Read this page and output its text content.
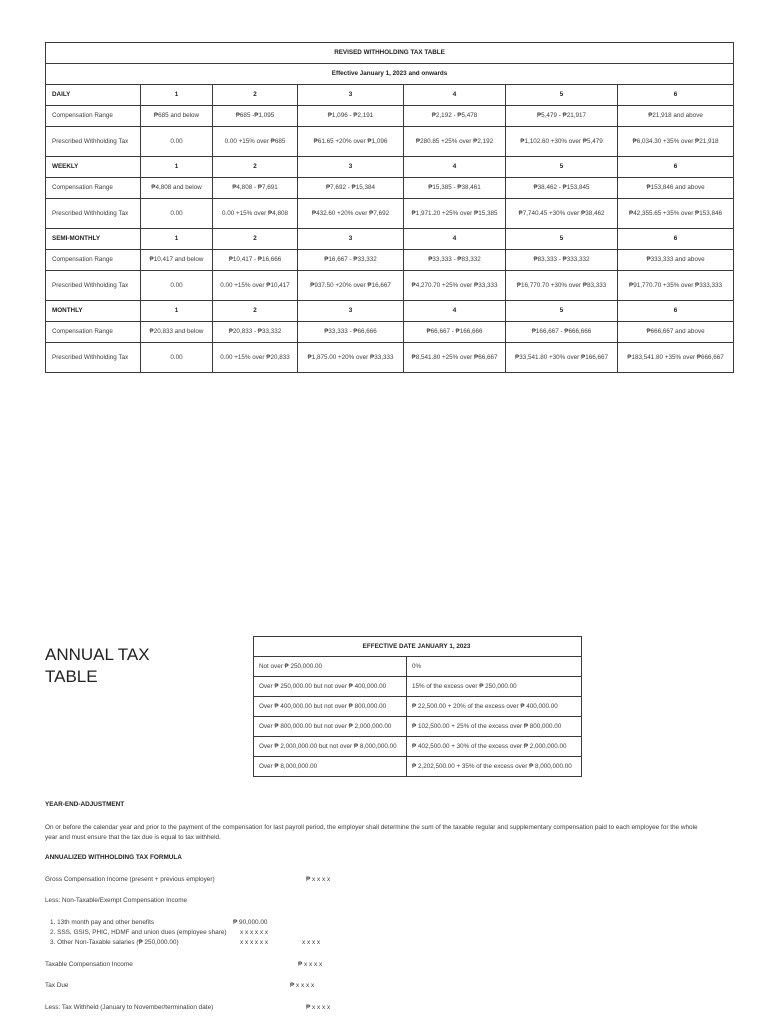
REVISED WITHHOLDING TAX TABLE						
Effective January 1, 2023 and onwards						
DAILY	1	2	3	4	5	6
Compensation Range	₱685 and below	₱685 -₱1,095	₱1,096 - ₱2,191	₱2,192 - ₱5,478	₱5,479 - ₱21,917	₱21,918 and above
Prescribed Withholding Tax	0.00	0.00 +15% over ₱685	₱61.65 +20% over ₱1,096	₱280.85 +25% over ₱2,192	₱1,102.60 +30% over ₱5,479	₱6,034.30 +35% over ₱21,918
WEEKLY	1	2	3	4	5	6
Compensation Range	₱4,808 and below	₱4,808 - ₱7,691	₱7,692 - ₱15,384	₱15,385 - ₱38,461	₱38,462 - ₱153,845	₱153,846 and above
Prescribed Withholding Tax	0.00	0.00 +15% over ₱4,808	₱432.60 +20% over ₱7,692	₱1,971.20 +25% over ₱15,385	₱7,740.45 +30% over ₱38,462	₱42,355.65 +35% over ₱153,846
SEMI-MONTHLY	1	2	3	4	5	6
Compensation Range	₱10,417 and below	₱10,417 - ₱16,666	₱16,667 - ₱33,332	₱33,333 - ₱83,332	₱83,333 - ₱333,332	₱333,333 and above
Prescribed Withholding Tax	0.00	0.00 +15% over ₱10,417	₱937.50 +20% over ₱16,667	₱4,270.70 +25% over ₱33,333	₱16,770.70 +30% over ₱83,333	₱91,770.70 +35% over ₱333,333
MONTHLY	1	2	3	4	5	6
Compensation Range	₱20,833 and below	₱20,833 - ₱33,332	₱33,333 - ₱66,666	₱66,667 - ₱166,666	₱166,667 - ₱666,666	₱666,667 and above
Prescribed Withholding Tax	0.00	0.00 +15% over ₱20,833	₱1,875.00 +20% over ₱33,333	₱8,541.80 +25% over ₱66,667	₱33,541.80 +30% over ₱166,667	₱183,541.80 +35% over ₱666,667
ANNUAL TAX
TABLE
EFFECTIVE DATE JANUARY 1, 2023	
Not over ₱ 250,000.00	0%
Over ₱ 250,000.00 but not over ₱ 400,000.00	15% of the excess over ₱ 250,000.00
Over ₱ 400,000.00 but not over ₱ 800,000.00	₱ 22,500.00 + 20% of the excess over ₱ 400,000.00
Over ₱ 800,000.00 but not over ₱ 2,000,000.00	₱ 102,500.00 + 25% of the excess over ₱ 800,000.00
Over ₱ 2,000,000.00 but not over ₱ 8,000,000.00	₱ 402,500.00 + 30% of the excess over ₱ 2,000,000.00
Over ₱ 8,000,000.00	₱ 2,202,500.00 + 35% of the excess over ₱ 8,000,000.00
YEAR-END-ADJUSTMENT
On or before the calendar year and prior to the payment of the compensation for last payroll period, the employer shall determine the sum of the taxable regular and supplementary compensation paid to each employee for the whole year and must ensure that the tax due is equal to tax withheld.
ANNUALIZED WITHHOLDING TAX FORMULA
Gross Compensation Income (present + previous employer)	₱ x x x x
Less: Non-Taxable/Exempt Compensation Income
1. 13th month pay and other benefits	₱ 90,000.00
2. SSS, GSIS, PHIC, HDMF and union dues (employee share) x x x x x x
3. Other Non-Taxable salaries (₱ 250,000.00)	x x x x x x	x x x x
Taxable Compensation Income	₱ x x x x
Tax Due	₱ x x x x
Less: Tax Withheld (January to November/termination date)	₱ x x x x
